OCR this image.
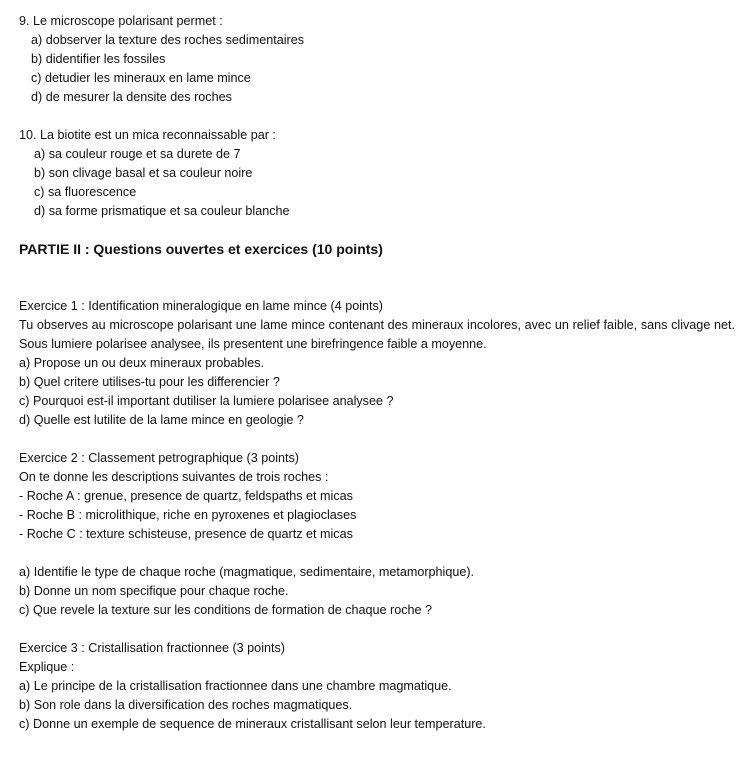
9. Le microscope polarisant permet :
a) dobserver la texture des roches sedimentaires
b) didentifier les fossiles
c) detudier les mineraux en lame mince
d) de mesurer la densite des roches
10. La biotite est un mica reconnaissable par :
a) sa couleur rouge et sa durete de 7
b) son clivage basal et sa couleur noire
c) sa fluorescence
d) sa forme prismatique et sa couleur blanche
PARTIE II : Questions ouvertes et exercices (10 points)
Exercice 1 : Identification mineralogique en lame mince (4 points)
Tu observes au microscope polarisant une lame mince contenant des mineraux incolores, avec un relief faible, sans clivage net. Sous lumiere polarisee analysee, ils presentent une birefringence faible a moyenne.
a) Propose un ou deux mineraux probables.
b) Quel critere utilises-tu pour les differencier ?
c) Pourquoi est-il important dutiliser la lumiere polarisee analysee ?
d) Quelle est lutilite de la lame mince en geologie ?
Exercice 2 : Classement petrographique (3 points)
On te donne les descriptions suivantes de trois roches :
- Roche A : grenue, presence de quartz, feldspaths et micas
- Roche B : microlithique, riche en pyroxenes et plagioclases
- Roche C : texture schisteuse, presence de quartz et micas
a) Identifie le type de chaque roche (magmatique, sedimentaire, metamorphique).
b) Donne un nom specifique pour chaque roche.
c) Que revele la texture sur les conditions de formation de chaque roche ?
Exercice 3 : Cristallisation fractionnee (3 points)
Explique :
a) Le principe de la cristallisation fractionnee dans une chambre magmatique.
b) Son role dans la diversification des roches magmatiques.
c) Donne un exemple de sequence de mineraux cristallisant selon leur temperature.
